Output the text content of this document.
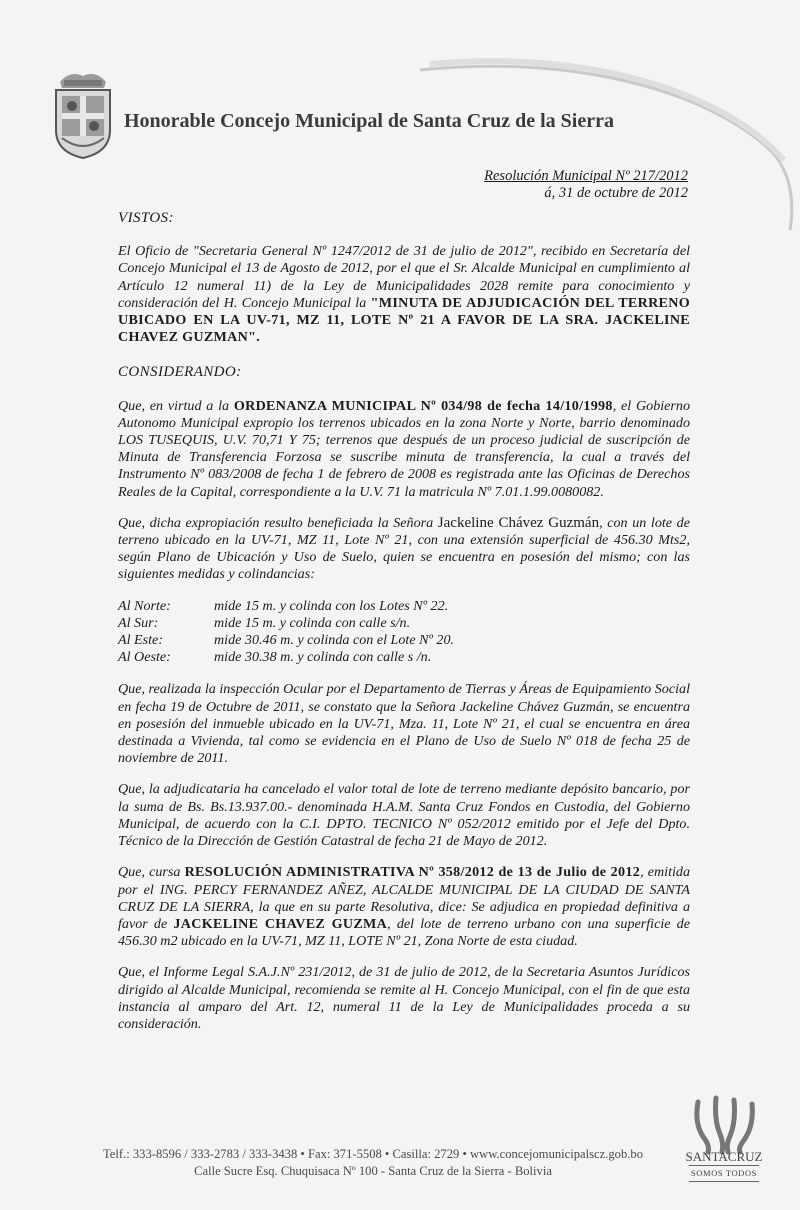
Honorable Concejo Municipal de Santa Cruz de la Sierra
Resolución Municipal Nº 217/2012
á, 31 de octubre de 2012
VISTOS:

El Oficio de "Secretaria General Nº 1247/2012 de 31 de julio de 2012", recibido en Secretaría del Concejo Municipal el 13 de Agosto de 2012, por el que el Sr. Alcalde Municipal en cumplimiento al Artículo 12 numeral 11) de la Ley de Municipalidades 2028 remite para conocimiento y consideración del H. Concejo Municipal la "MINUTA DE ADJUDICACIÓN DEL TERRENO UBICADO EN LA UV-71, MZ 11, LOTE Nº 21 A FAVOR DE LA SRA. JACKELINE CHAVEZ GUZMAN".

CONSIDERANDO:

Que, en virtud a la ORDENANZA MUNICIPAL Nº 034/98 de fecha 14/10/1998, el Gobierno Autonomo Municipal expropio los terrenos ubicados en la zona Norte y Norte, barrio denominado LOS TUSEQUIS, U.V. 70,71 Y 75; terrenos que después de un proceso judicial de suscripción de Minuta de Transferencia Forzosa se suscribe minuta de transferencia, la cual a través del Instrumento Nº 083/2008 de fecha 1 de febrero de 2008 es registrada ante las Oficinas de Derechos Reales de la Capital, correspondiente a la U.V. 71 la matricula Nº 7.01.1.99.0080082.

Que, dicha expropiación resulto beneficiada la Señora Jackeline Chávez Guzmán, con un lote de terreno ubicado en la UV-71, MZ 11, Lote Nº 21, con una extensión superficial de 456.30 Mts2, según Plano de Ubicación y Uso de Suelo, quien se encuentra en posesión del mismo; con las siguientes medidas y colindancias:

Al Norte:	mide 15 m. y colinda con los Lotes Nº 22.
Al Sur:	mide 15 m. y colinda con calle s/n.
Al Este:	mide 30.46 m. y colinda con el Lote Nº 20.
Al Oeste:	mide 30.38 m. y colinda con calle s /n.

Que, realizada la inspección Ocular por el Departamento de Tierras y Áreas de Equipamiento Social en fecha 19 de Octubre de 2011, se constato que la Señora Jackeline Chávez Guzmán, se encuentra en posesión del inmueble ubicado en la UV-71, Mza. 11, Lote Nº 21, el cual se encuentra en área destinada a Vivienda, tal como se evidencia en el Plano de Uso de Suelo Nº 018 de fecha 25 de noviembre de 2011.

Que, la adjudicataria ha cancelado el valor total de lote de terreno mediante depósito bancario, por la suma de Bs. Bs.13.937.00.- denominada H.A.M. Santa Cruz Fondos en Custodia, del Gobierno Municipal, de acuerdo con la C.I. DPTO. TECNICO Nº 052/2012 emitido por el Jefe del Dpto. Técnico de la Dirección de Gestión Catastral de fecha 21 de Mayo de 2012.

Que, cursa RESOLUCIÓN ADMINISTRATIVA Nº 358/2012 de 13 de Julio de 2012, emitida por el ING. PERCY FERNANDEZ AÑEZ, ALCALDE MUNICIPAL DE LA CIUDAD DE SANTA CRUZ DE LA SIERRA, la que en su parte Resolutiva, dice: Se adjudica en propiedad definitiva a favor de JACKELINE CHAVEZ GUZMA, del lote de terreno urbano con una superficie de 456.30 m2 ubicado en la UV-71, MZ 11, LOTE Nº 21, Zona Norte de esta ciudad.

Que, el Informe Legal S.A.J.Nº 231/2012, de 31 de julio de 2012, de la Secretaria Asuntos Jurídicos dirigido al Alcalde Municipal, recomienda se remite al H. Concejo Municipal, con el fin de que esta instancia al amparo del Art. 12, numeral 11 de la Ley de Municipalidades proceda a su consideración.

Telf.: 333-8596 / 333-2783 / 333-3438 • Fax: 371-5508 • Casilla: 2729 • www.concejomunicipalscz.gob.bo
Calle Sucre Esq. Chuquisaca Nº 100 - Santa Cruz de la Sierra - Bolivia
SANTACRUZ
SOMOS TODOS
